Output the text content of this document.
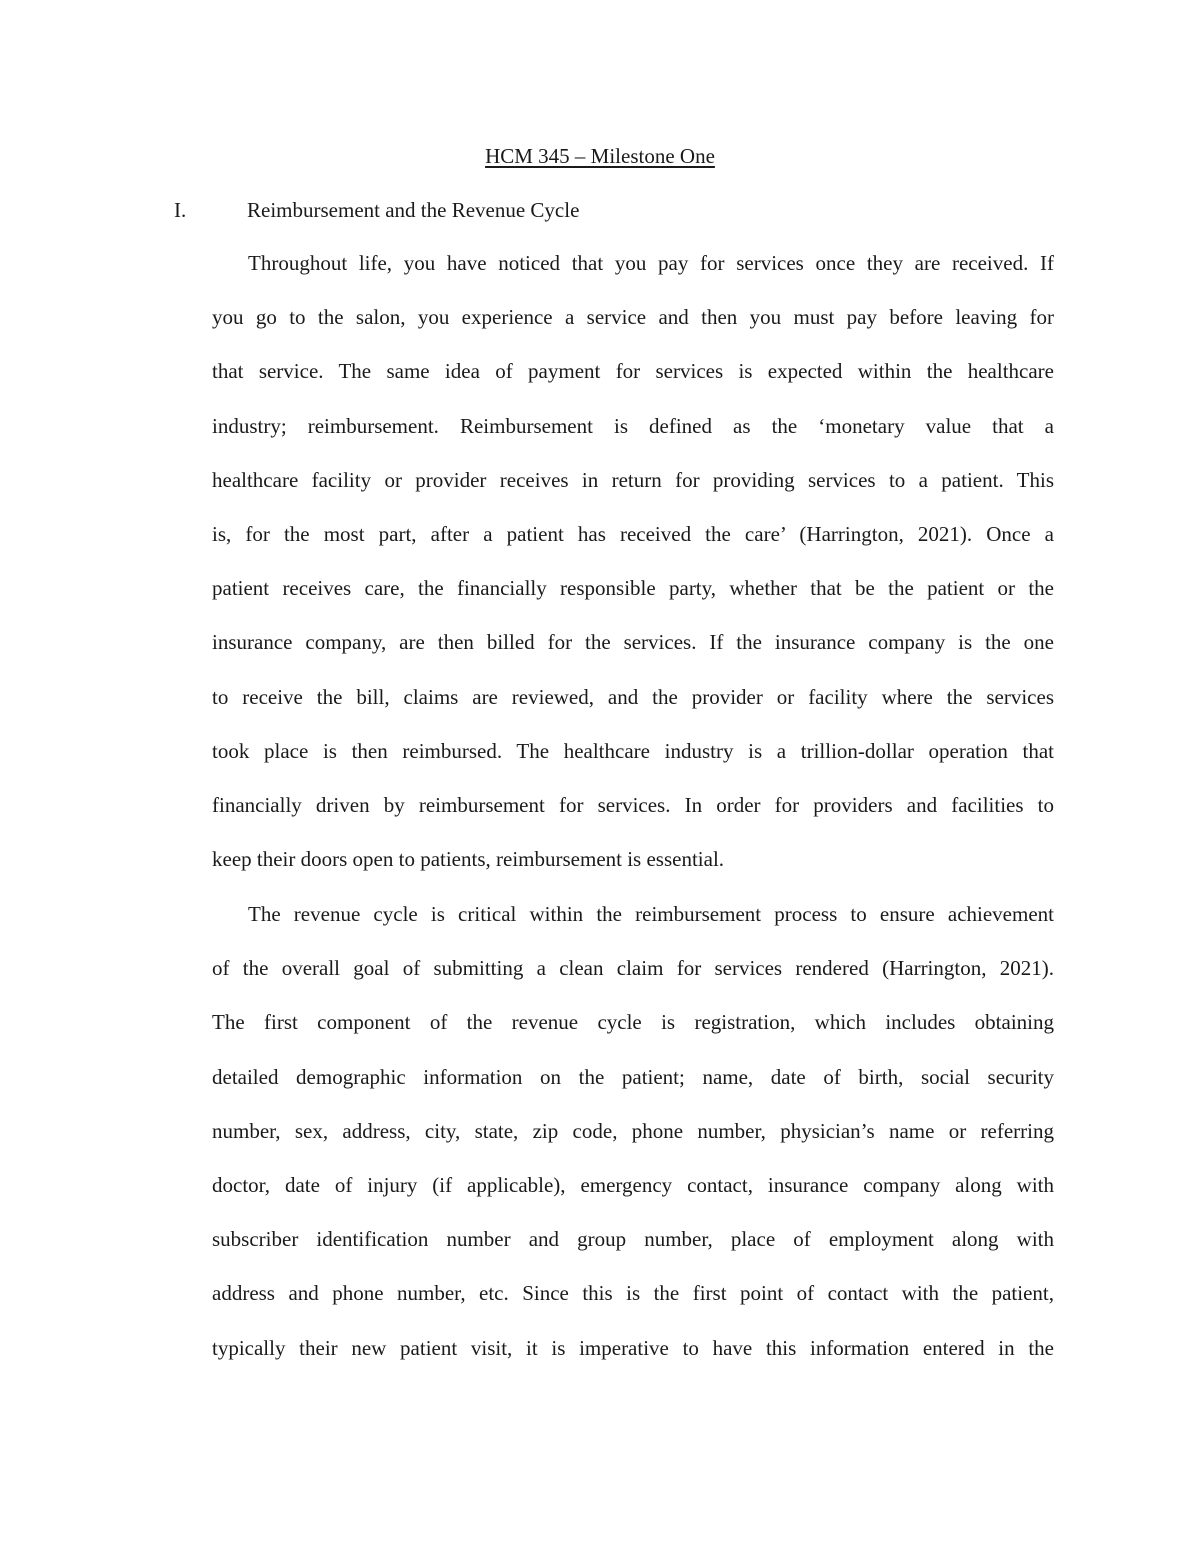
HCM 345 – Milestone One
I.	Reimbursement and the Revenue Cycle
Throughout life, you have noticed that you pay for services once they are received. If
you go to the salon, you experience a service and then you must pay before leaving for
that service. The same idea of payment for services is expected within the healthcare
industry; reimbursement. Reimbursement is defined as the ‘monetary value that a
healthcare facility or provider receives in return for providing services to a patient. This
is, for the most part, after a patient has received the care’ (Harrington, 2021). Once a
patient receives care, the financially responsible party, whether that be the patient or the
insurance company, are then billed for the services. If the insurance company is the one
to receive the bill, claims are reviewed, and the provider or facility where the services
took place is then reimbursed. The healthcare industry is a trillion-dollar operation that
financially driven by reimbursement for services. In order for providers and facilities to
keep their doors open to patients, reimbursement is essential.
The revenue cycle is critical within the reimbursement process to ensure achievement
of the overall goal of submitting a clean claim for services rendered (Harrington, 2021).
The first component of the revenue cycle is registration, which includes obtaining
detailed demographic information on the patient; name, date of birth, social security
number, sex, address, city, state, zip code, phone number, physician’s name or referring
doctor, date of injury (if applicable), emergency contact, insurance company along with
subscriber identification number and group number, place of employment along with
address and phone number, etc. Since this is the first point of contact with the patient,
typically their new patient visit, it is imperative to have this information entered in the
